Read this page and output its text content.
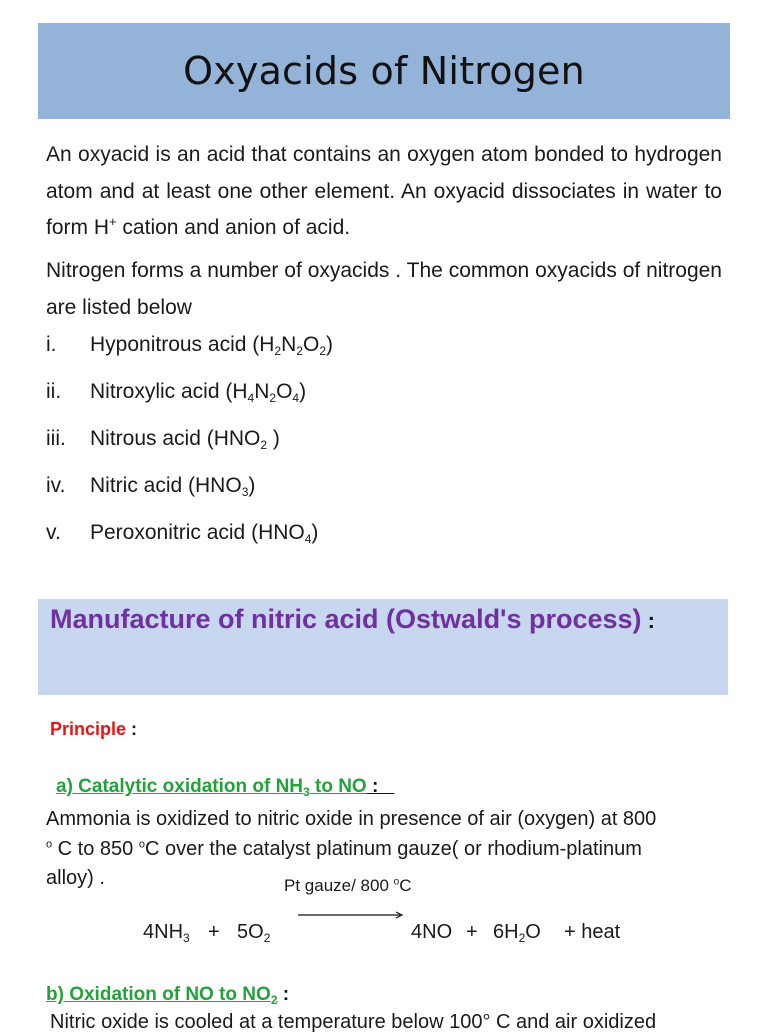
Oxyacids of Nitrogen

An oxyacid is an acid that contains an oxygen atom bonded to hydrogen atom and at least one other element. An oxyacid dissociates in water to form H+ cation and anion of acid.

Nitrogen forms a number of oxyacids . The common oxyacids of nitrogen are listed below

i.	Hyponitrous acid $(H_2N_2O_2)$
ii.	Nitroxylic acid $(H_4N_2O_4)$
iii.	Nitrous acid ($HNO_2$ )
iv.	Nitric acid $(HNO_3)$
v.	Peroxonitric acid $(HNO_4)$
Manufacture of nitric acid (Ostwald's process) :
Principle :
a) Catalytic oxidation of $NH_3$ to NO :
Ammonia is oxidized to nitric oxide in presence of air (oxygen) at 800
$^o$ C to 850 $^o$C over the catalyst platinum gauze( or rhodium-platinum
alloy) .	Pt gauze/ 800 $^o$C
$4NH_3 + 5O_2$	$4NO + 6H_2O$ + heat
b) Oxidation of NO to $NO_2$ :
Nitric oxide is cooled at a temperature below 100° C and air oxidized
